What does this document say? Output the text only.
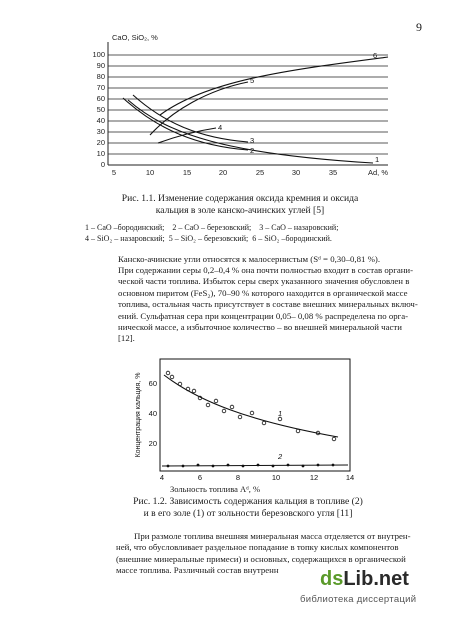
9
100
90
80
70
60
50
40
30
20
10
0
CaO, SiO₂, %
5	10	15	20	25	30	35	Ad, %
1
2
3
4
5
6
Рис. 1.1. Изменение содержания оксида кремния и оксида
кальция в золе канско-ачинских углей [5]
1 – CaO –бородинский;    2 – CaO – березовский;    3 – CaO – назаровский;
4 – SiO₂ – назаровский;  5 – SiO₂ – березовский;  6 – SiO₂ –бородинский.
Канско-ачинские угли относятся к малосернистым (Sᵈ = 0,30–0,81 %).
При содержании серы 0,2–0,4 % она почти полностью входит в состав органи-
ческой части топлива. Избыток серы сверх указанного значения обусловлен в
основном пиритом (FeS₂), 70–90 % которого находится в органической массе
топлива, остальная часть присутствует в составе внешних минеральных включ-
ений. Сульфатная сера при концентрации 0,05– 0,08 % распределена по орга-
нической массе, а избыточное количество – во внешней минеральной части
[12].
Концентрация кальция, % 60
40
20
4	6	8	10	12	14
1
2
Зольность топлива Aᵈ, %
Рис. 1.2. Зависимость содержания кальция в топливе (2)
и в его золе (1) от зольности березовского угля [11]
При размоле топлива внешняя минеральная масса отделяется от внутрен-
ней, что обусловливает раздельное попадание в топку кислых компонентов
(внешние минеральные примеси) и основных, содержащихся в органической
массе топлива. Различный состав внутренн	dsLib.net
библиотека диссертаций
